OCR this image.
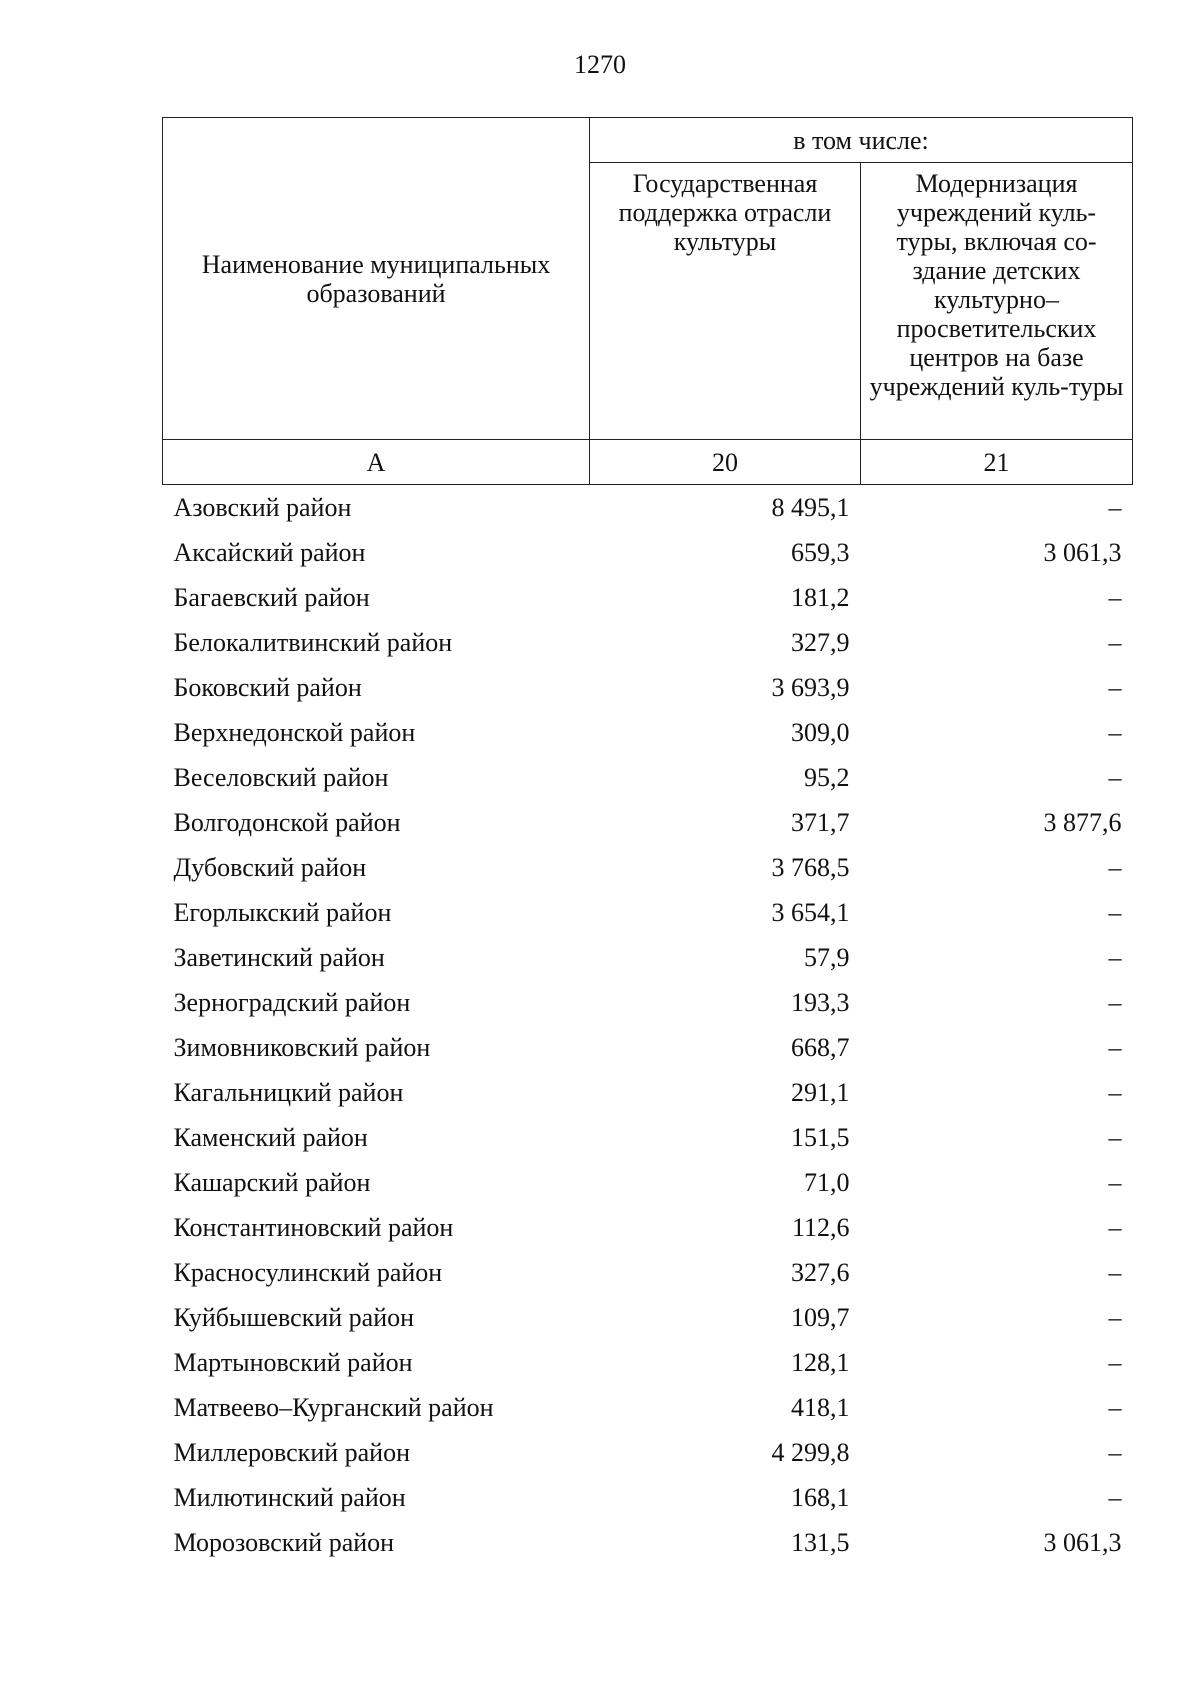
1270
Наименование муниципальных образований	в том числе:	
	Государственная поддержка отрасли культуры	Модернизация учреждений куль-туры, включая со-здание детских культурно–просветительских центров на базе учреждений куль-туры
А	20	21
Азовский район	8 495,1	–
Аксайский район	659,3	3 061,3
Багаевский район	181,2	–
Белокалитвинский район	327,9	–
Боковский район	3 693,9	–
Верхнедонской район	309,0	–
Веселовский район	95,2	–
Волгодонской район	371,7	3 877,6
Дубовский район	3 768,5	–
Егорлыкский район	3 654,1	–
Заветинский район	57,9	–
Зерноградский район	193,3	–
Зимовниковский район	668,7	–
Кагальницкий район	291,1	–
Каменский район	151,5	–
Кашарский район	71,0	–
Константиновский район	112,6	–
Красносулинский район	327,6	–
Куйбышевский район	109,7	–
Мартыновский район	128,1	–
Матвеево–Курганский район	418,1	–
Миллеровский район	4 299,8	–
Милютинский район	168,1	–
Морозовский район	131,5	3 061,3
